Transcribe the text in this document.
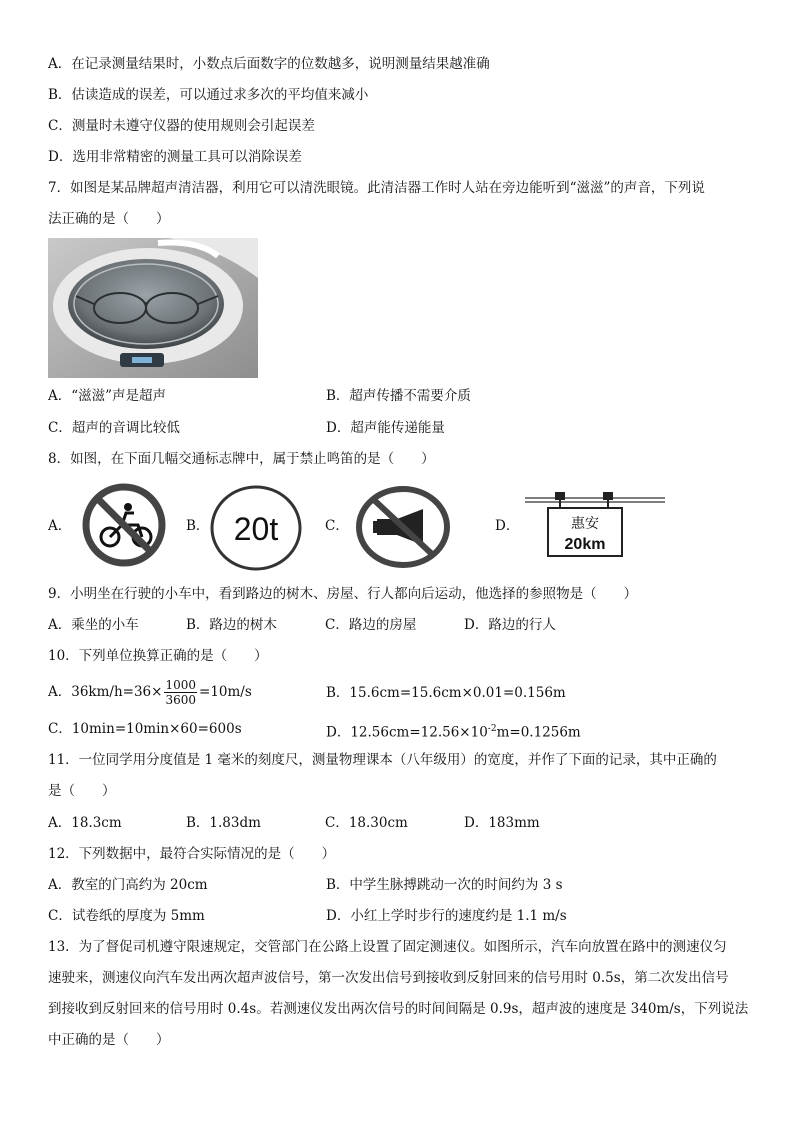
A．在记录测量结果时，小数点后面数字的位数越多，说明测量结果越准确
B．估读造成的误差，可以通过求多次的平均值来减小
C．测量时未遵守仪器的使用规则会引起误差
D．选用非常精密的测量工具可以消除误差
7．如图是某品牌超声清洁器，利用它可以清洗眼镜。此清洁器工作时人站在旁边能听到“滋滋”的声音，下列说
法正确的是（　　）
A．“滋滋”声是超声	B．超声传播不需要介质
C．超声的音调比较低	D．超声能传递能量
8．如图，在下面几幅交通标志牌中，属于禁止鸣笛的是（　　）
A．	B． 20t	C．	D．	惠安
20km
9．小明坐在行驶的小车中，看到路边的树木、房屋、行人都向后运动，他选择的参照物是（　　）
A．乘坐的小车	B．路边的树木	C．路边的房屋	D．路边的行人
10．下列单位换算正确的是（　　）
A．$36km/h=36\times \frac{1000}{3600} =10m/s$	B．15.6cm=15.6cm×0.01=0.156m
C．10min=10min×60=600s	D．$12.56cm=12.56\times 10^{-2}m=0.1256m$
11．一位同学用分度值是 1 毫米的刻度尺，测量物理课本（八年级用）的宽度，并作了下面的记录，其中正确的
是（　　）
A．18.3cm	B．1.83dm	C．18.30cm	D．183mm
12．下列数据中，最符合实际情况的是（　　）
A．教室的门高约为 20cm	B．中学生脉搏跳动一次的时间约为 3 s
C．试卷纸的厚度为 5mm	D．小红上学时步行的速度约是 1.1 m/s
13．为了督促司机遵守限速规定，交管部门在公路上设置了固定测速仪。如图所示，汽车向放置在路中的测速仪匀
速驶来，测速仪向汽车发出两次超声波信号，第一次发出信号到接收到反射回来的信号用时 0.5s，第二次发出信号
到接收到反射回来的信号用时 0.4s。若测速仪发出两次信号的时间间隔是 0.9s，超声波的速度是 340m/s，下列说法
中正确的是（　　）
